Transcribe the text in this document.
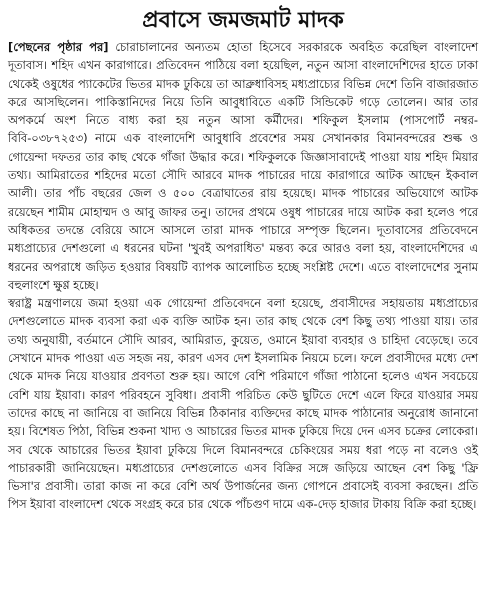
প্রবাসে জমজমাট মাদক

[পেছনের পৃষ্ঠার পর] চোরাচালানের অন্যতম হোতা হিসেবে সরকারকে অবহিত করেছিল বাংলাদেশ দূতাবাস। শহিদ এখন কারাগারে। প্রতিবেদন পাঠিয়ে বলা হয়েছিল, নতুন আসা বাংলাদেশিদের হাতে ঢাকা থেকেই ওষুধের প্যাকেটের ভিতর মাদক ঢুকিয়ে তা আব্রুধাবিসহ মধ্যপ্রাচ্যের বিভিন্ন দেশে তিনি বাজারজাত করে আসছিলেন। পাকিস্তানিদের নিয়ে তিনি আবুধাবিতে একটি সিন্ডিকেট গড়ে তোলেন। আর তার অপকর্মে অংশ নিতে বাধ্য করা হয় নতুন আসা কর্মীদের। শফিকুল ইসলাম (পাসপোর্ট নম্বর-বিবি-০৩৮৭২৫৩) নামে এক বাংলাদেশি আবুধাবি প্রবেশের সময় সেখানকার বিমানবন্দরের শুল্ক ও গোয়েন্দা দফতর তার কাছ থেকে গাঁজা উদ্ধার করে। শফিকুলকে জিজ্ঞাসাবাদেই পাওয়া যায় শহিদ মিয়ার তথ্য। আমিরাতের শহিদের মতো সৌদি আরবে মাদক পাচারের দায়ে কারাগারে আটক আছেন ইকবাল আলী। তার পাঁচ বছরের জেল ও ৫০০ বেত্রাঘাতের রায় হয়েছে। মাদক পাচারের অভিযোগে আটক রয়েছেন শামীম মোহাম্মদ ও আবু জাফর তনু। তাদের প্রথমে ওষুধ পাচারের দায়ে আটক করা হলেও পরে অধিকতর তদন্তে বেরিয়ে আসে আসলে তারা মাদক পাচারে সম্পৃক্ত ছিলেন। দূতাবাসের প্রতিবেদনে মধ্যপ্রাচ্যের দেশগুলো এ ধরনের ঘটনা 'খুবই অপরাধিত' মন্তব্য করে আরও বলা হয়, বাংলাদেশিদের এ ধরনের অপরাধে জড়িত হওয়ার বিষয়টি ব্যাপক আলোচিত হচ্ছে সংশ্লিষ্ট দেশে। এতে বাংলাদেশের সুনাম বহুলাংশে ক্ষুণ্ণ হচ্ছে।

স্বরাষ্ট্র মন্ত্রণালয়ে জমা হওয়া এক গোয়েন্দা প্রতিবেদনে বলা হয়েছে, প্রবাসীদের সহায়তায় মধ্যপ্রাচ্যের দেশগুলোতে মাদক ব্যবসা করা এক ব্যক্তি আটক হন। তার কাছ থেকে বেশ কিছু তথ্য পাওয়া যায়। তার তথ্য অনুযায়ী, বর্তমানে সৌদি আরব, আমিরাত, কুয়েত, ওমানে ইয়াবা ব্যবহার ও চাহিদা বেড়েছে। তবে সেখানে মাদক পাওয়া এত সহজ নয়, কারণ এসব দেশ ইসলামিক নিয়মে চলে। ফলে প্রবাসীদের মধ্যে দেশ থেকে মাদক নিয়ে যাওয়ার প্রবণতা শুরু হয়। আগে বেশি পরিমাণে গাঁজা পাঠানো হলেও এখন সবচেয়ে বেশি যায় ইয়াবা। কারণ পরিবহনে সুবিধা। প্রবাসী পরিচিত কেউ ছুটিতে দেশে এলে ফিরে যাওয়ার সময় তাদের কাছে না জানিয়ে বা জানিয়ে বিভিন্ন ঠিকানার ব্যক্তিদের কাছে মাদক পাঠানোর অনুরোধ জানানো হয়। বিশেষত পিঠা, বিভিন্ন শুকনা খাদ্য ও আচারের ভিতর মাদক ঢুকিয়ে দিয়ে দেন এসব চক্রের লোকেরা। সব থেকে আচারের ভিতর ইয়াবা ঢুকিয়ে দিলে বিমানবন্দরে চেকিংয়ের সময় ধরা পড়ে না বলেও ওই পাচারকারী জানিয়েছেন। মধ্যপ্রাচ্যের দেশগুলোতে এসব বিক্রির সঙ্গে জড়িয়ে আছেন বেশ কিছু 'ফ্রি ভিসা'র প্রবাসী। তারা কাজ না করে বেশি অর্থ উপার্জনের জন্য গোপনে প্রবাসেই ব্যবসা করছেন। প্রতি পিস ইয়াবা বাংলাদেশ থেকে সংগ্রহ করে চার থেকে পাঁচগুণ দামে এক-দেড় হাজার টাকায় বিক্রি করা হচ্ছে।
